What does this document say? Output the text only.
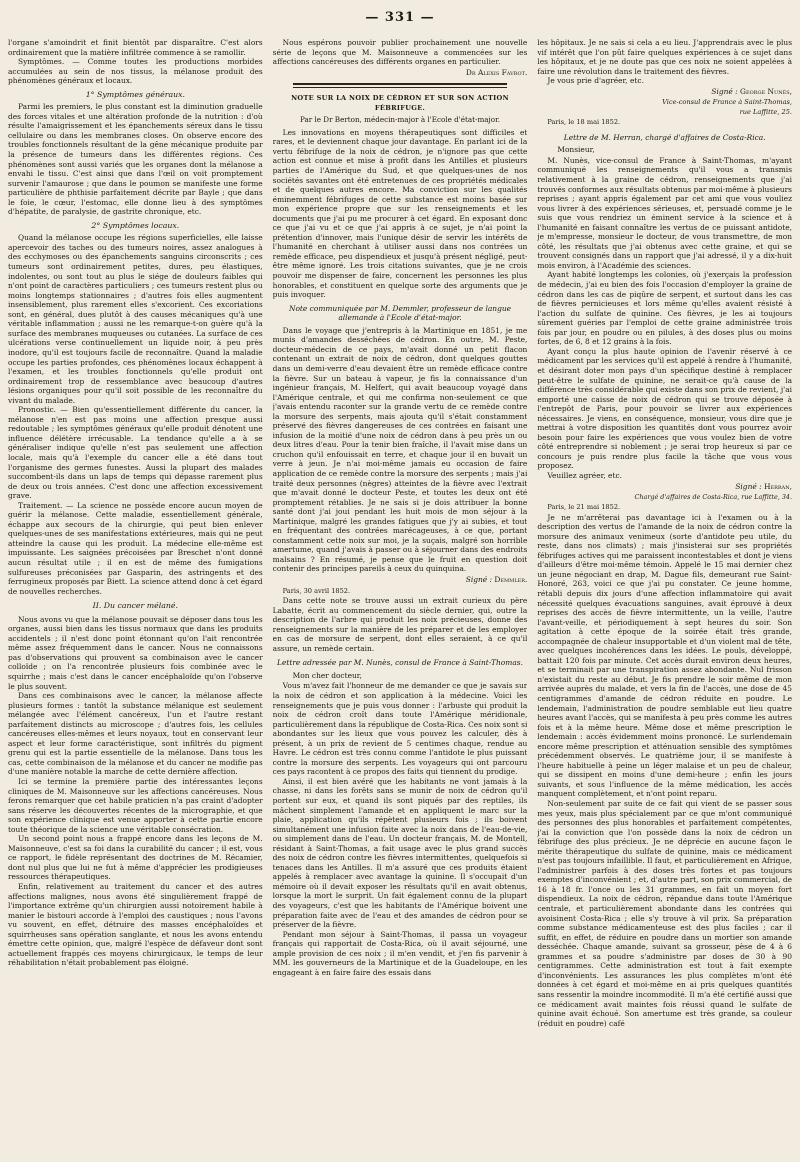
— 331 —

l'organe s'amoindrit et finit bientôt par disparaître. C'est alors ordinairement que la matière infiltrée commence à se ramollir.

Symptômes. — Comme toutes les productions morbides accumulées au sein de nos tissus, la mélanose produit des phénomènes généraux et locaux.

1° Symptômes généraux.

Parmi les premiers, le plus constant est la diminution graduelle des forces vitales et une altération profonde de la nutrition : d'où résulte l'amaigrissement et les épanchements séreux dans le tissu cellulaire ou dans les membranes closes. On observe encore des troubles fonctionnels résultant de la gêne mécanique produite par la présence de tumeurs dans les différentes régions. Ces phénomènes sont aussi variés que les organes dont la mélanose a envahi le tissu. C'est ainsi que dans l'œil on voit promptement survenir l'amaurose ; que dans le poumon se manifeste une forme particulière de phthisie parfaitement décrite par Bayle ; que dans le foie, le cœur, l'estomac, elle donne lieu à des symptômes d'hépatite, de paralysie, de gastrite chronique, etc.

2° Symptômes locaux.

Quand la mélanose occupe les régions superficielles, elle laisse apercevoir des taches ou des tumeurs noires, assez analogues à des ecchymoses ou des épanchements sanguins circonscrits ; ces tumeurs sont ordinairement petites, dures, peu élastiques, indolentes, ou sont tout au plus le siége de douleurs faibles qui n'ont point de caractères particuliers ; ces tumeurs restent plus ou moins longtemps stationnaires ; d'autres fois elles augmentent insensiblement, plus rarement elles s'excorient. Ces excoriations sont, en général, dues plutôt à des causes mécaniques qu'à une véritable inflammation ; aussi ne les remarque-t-on guère qu'à la surface des membranes muqueuses ou cutanées. La surface de ces ulcérations verse continuellement un liquide noir, à peu près inodore, qu'il est toujours facile de reconnaître. Quand la maladie occupe les parties profondes, ces phénomènes locaux échappent à l'examen, et les troubles fonctionnels qu'elle produit ont ordinairement trop de ressemblance avec beaucoup d'autres lésions organiques pour qu'il soit possible de les reconnaître du vivant du malade.

Pronostic. — Bien qu'essentiellement différente du cancer, la mélanose n'en est pas moins une affection presque aussi redoutable ; les symptômes généraux qu'elle produit dénotent une influence délétère irrécusable. La tendance qu'elle a à se généraliser indique qu'elle n'est pas seulement une affection locale, mais qu'à l'exemple du cancer elle a été dans tout l'organisme des germes funestes. Aussi la plupart des malades succombent-ils dans un laps de temps qui dépasse rarement plus de deux ou trois années. C'est donc une affection excessivement grave.

Traitement. — La science ne possède encore aucun moyen de guérir la mélanose. Cette maladie, essentiellement générale, échappe aux secours de la chirurgie, qui peut bien enlever quelques-unes de ses manifestations extérieures, mais qui ne peut atteindre la cause qui les produit. La médecine elle-même est impuissante. Les saignées précoisées par Breschet n'ont donné aucun résultat utile ; il en est de même des fumigations sulfureuses préconisées par Gasparin, des astringents et des ferrugineux proposés par Biett. La science attend donc à cet égard de nouvelles recherches.

II. Du cancer mélané.

Nous avons vu que la mélanose pouvait se déposer dans tous les organes, aussi bien dans les tissus normaux que dans les produits accidentels ; il n'est donc point étonnant qu'on l'ait rencontrée même assez fréquemment dans le cancer. Nous ne connaissons pas d'observations qui prouvent sa combinaison avec le cancer colloïde ; on l'a rencontrée plusieurs fois combinée avec le squirrhe ; mais c'est dans le cancer encéphaloïde qu'on l'observe le plus souvent.

Dans ces combinaisons avec le cancer, la mélanose affecte plusieurs formes : tantôt la substance mélanique est seulement mélangée avec l'élément cancéreux, l'un et l'autre restant parfaitement distincts au microscope ; d'autres fois, les cellules cancéreuses elles-mêmes et leurs noyaux, tout en conservant leur aspect et leur forme caractéristique, sont infiltrés du pigment grenu qui est la partie essentielle de la mélanose. Dans tous les cas, cette combinaison de la mélanose et du cancer ne modifie pas d'une manière notable la marche de cette dernière affection.

Ici se termine la première partie des intéressantes leçons cliniques de M. Maisonneuve sur les affections cancéreuses. Nous ferons remarquer que cet habile praticien n'a pas craint d'adopter sans réserve les découvertes récentes de la micrographie, et que son expérience clinique est venue apporter à cette partie encore toute théorique de la science une véritable consécration.

Un second point nous a frappé encore dans les leçons de M. Maisonneuve, c'est sa foi dans la curabilité du cancer ; il est, vous ce rapport, le fidèle représentant des doctrines de M. Récamier, dont nul plus que lui ne fut à même d'apprécier les prodigieuses ressources thérapeutiques.

Enfin, relativement au traitement du cancer et des autres affections malignes, nous avons été singulièrement frappé de l'importance extrême qu'un chirurgien aussi notoirement habile à manier le bistouri accorde à l'emploi des caustiques ; nous l'avons vu souvent, en effet, détruire des masses encéphaloïdes et squirrheuses sans opération sanglante, et nous les avons entendu émettre cette opinion, que, malgré l'espèce de défaveur dont sont actuellement frappés ces moyens chirurgicaux, le temps de leur réhabilitation n'était probablement pas éloigné.

Nous espérons pouvoir publier prochainement une nouvelle série de leçons que M. Maisonneuve a commencées sur les affections cancéreuses des différents organes en particulier.

Dr Alexis Favrot.
NOTE SUR LA NOIX DE CÉDRON ET SUR SON ACTION FÉBRIFUGE.
Par le Dr Berton, médecin-major à l'Ecole d'état-major.

Les innovations en moyens thérapeutiques sont difficiles et rares, et le deviennent chaque jour davantage. En parlant ici de la vertu fébrifuge de la noix de cédron, je n'ignore pas que cette action est connue et mise à profit dans les Antilles et plusieurs parties de l'Amérique du Sud, et que quelques-unes de nos sociétés savantes ont été entretenues de ces propriétés médicales et de quelques autres encore. Ma conviction sur les qualités éminemment fébrifuges de cette substance est moins basée sur mon expérience propre que sur les renseignements et les documents que j'ai pu me procurer à cet égard. En exposant donc ce que j'ai vu et ce que j'ai appris à ce sujet, je n'ai point la prétention d'innover, mais l'unique désir de servir les intérêts de l'humanité en cherchant à utiliser aussi dans nos contrées un remède efficace, peu dispendieux et jusqu'à présent négligé, peut-être même ignoré. Les trois citations suivantes, que je ne crois pouvoir me dispenser de faire, concernent les personnes les plus honorables, et constituent en quelque sorte des arguments que je puis invoquer.

Note communiquée par M. Demmler, professeur de langue allemande à l'Ecole d'état-major.

Dans le voyage que j'entrepris à la Martinique en 1851, je me munis d'amandes desséchées de cédron. En outre, M. Peste, docteur-médecin de ce pays, m'avait donné un petit flacon contenant un extrait de noix de cédron, dont quelques gouttes dans un demi-verre d'eau devaient être un remède efficace contre la fièvre. Sur un bateau à vapeur, je fis la connaissance d'un ingénieur français, M. Helfert, qui avait beaucoup voyagé dans l'Amérique centrale, et qui me confirma non-seulement ce que j'avais entendu raconter sur la grande vertu de ce remède contre la morsure des serpents, mais ajouta qu'il s'était constamment préservé des fièvres dangereuses de ces contrées en faisant une infusion de la moitié d'une noix de cédron dans à peu près un ou deux litres d'eau. Pour la tenir bien fraîche, il l'avait mise dans un cruchon qu'il enfouissait en terre, et chaque jour il en buvait un verre à jeun. Je n'ai moi-même jamais eu occasion de faire application de ce remède contre la morsure des serpents ; mais j'ai traité deux personnes (nègres) atteintes de la fièvre avec l'extrait que m'avait donné le docteur Peste, et toutes les deux ont été promptement rétablies. Je ne sais si je dois attribuer la bonne santé dont j'ai joui pendant les huit mois de mon séjour à la Martinique, malgré les grandes fatigues que j'y ai subies, et tout en fréquentant des contrées marécageuses, à ce que, portant constamment cette noix sur moi, je la suçais, malgré son horrible amertume, quand j'avais à passer ou à séjourner dans des endroits malsains ? En résumé, je pense que le fruit en question doit contenir des principes pareils à ceux du quinquina.

Signé : Demmler.

Paris, 30 avril 1852.

Dans cette note se trouve aussi un extrait curieux du père Labatte, écrit au commencement du siècle dernier, qui, outre la description de l'arbre qui produit les noix précieuses, donne des renseignements sur la manière de les préparer et de les employer en cas de morsure de serpent, dont elles seraient, à ce qu'il assure, un remède certain.

Lettre adressée par M. Nunès, consul de France à Saint-Thomas.

Mon cher docteur,

Vous m'avez fait l'honneur de me demander ce que je savais sur la noix de cédron et son application à la médecine. Voici les renseignements que je puis vous donner : l'arbuste qui produit la noix de cédron croît dans toute l'Amérique méridionale, particulièrement dans la république de Costa-Rica. Ces noix sont si abondantes sur les lieux que vous pouvez les calculer, dès à présent, à un prix de revient de 5 centimes chaque, rendue au Havre. Le cédron est très connu comme l'antidote le plus puissant contre la morsure des serpents. Les voyageurs qui ont parcouru ces pays racontent à ce propos des faits qui tiennent du prodige.

Ainsi, il est bien avéré que les habitants ne vont jamais à la chasse, ni dans les forêts sans se munir de noix de cédron qu'il portent sur eux, et quand ils sont piqués par des reptiles, ils mâchent simplement l'amande et en appliquent le marc sur la plaie, application qu'ils répètent plusieurs fois ; ils boivent simultanément une infusion faite avec la noix dans de l'eau-de-vie, ou simplement dans de l'eau. Un docteur français, M. de Montell, résidant à Saint-Thomas, a fait usage avec le plus grand succès des noix de cédron contre les fièvres intermittentes, quelquefois si tenaces dans les Antilles. Il m'a assuré que ces produits étaient appelés à remplacer avec avantage la quinine. Il s'occupait d'un mémoire où il devait exposer les résultats qu'il en avait obtenus, lorsque la mort le surprit. Un fait également connu de la plupart des voyageurs, c'est que les habitants de l'Amérique boivent une préparation faite avec de l'eau et des amandes de cédron pour se préserver de la fièvre.

Pendant mon séjour à Saint-Thomas, il passa un voyageur français qui rapportait de Costa-Rica, où il avait séjourné, une ample provision de ces noix ; il m'en vendit, et j'en fis parvenir à MM. les gouverneurs de la Martinique et de la Guadeloupe, en les engageant à en faire faire des essais dans

les hôpitaux. Je ne sais si cela a eu lieu. J'apprendrais avec le plus vif intérêt que l'on pût faire quelques expériences à ce sujet dans les hôpitaux, et je ne doute pas que ces noix ne soient appelées à faire une révolution dans le traitement des fièvres.

Je vous prie d'agréer, etc.

Signé : George Nunès,
Vice-consul de France à Saint-Thomas,
rue Laffitte, 25.

Paris, le 18 mai 1852.

Lettre de M. Herran, chargé d'affaires de Costa-Rica.

Monsieur,

M. Nunès, vice-consul de France à Saint-Thomas, m'ayant communiqué les renseignements qu'il vous a transmis relativement à la graine de cédron, renseignements que j'ai trouvés conformes aux résultats obtenus par moi-même à plusieurs reprises ; ayant appris également par cet ami que vous vouliez vous livrer à des expériences sérieuses, et, persuadé comme je le suis que vous rendriez un éminent service à la science et à l'humanité en faisant connaître les vertus de ce puissant antidote, je m'empresse, monsieur le docteur, de vous transmettre, de mon côté, les résultats que j'ai obtenus avec cette graine, et qui se trouvent consignés dans un rapport que j'ai adressé, il y a dix-huit mois environ, à l'Académie des sciences.

Ayant habité longtemps les colonies, où j'exerçais la profession de médecin, j'ai eu bien des fois l'occasion d'employer la graine de cédron dans les cas de piqûre de serpent, et surtout dans les cas de fièvres pernicieuses et lors même qu'elles avaient résisté à l'action du sulfate de quinine. Ces fièvres, je les ai toujours sûrement guéries par l'emploi de cette graine administrée trois fois par jour, en poudre ou en pilules, à des doses plus ou moins fortes, de 6, 8 et 12 grains à la fois.

Ayant conçu la plus haute opinion de l'avenir réservé à ce médicament par les services qu'il est appelé à rendre à l'humanité, et désirant doter mon pays d'un spécifique destiné à remplacer peut-être le sulfate de quinine, ne serait-ce qu'à cause de la différence très considérable qui existe dans son prix de revient, j'ai emporté une caisse de noix de cédron qui se trouve déposée à l'entrepôt de Paris, pour pouvoir se livrer aux expériences nécessaires. Je viens, en conséquence, monsieur, vous dire que je mettrai à votre disposition les quantités dont vous pourrez avoir besoin pour faire les expériences que vous voulez bien de votre côté entreprendre si noblement ; je serai trop heureux si par ce concours je puis rendre plus facile la tâche que vous vous proposez.

Veuillez agréer, etc.

Signé : Herran,
Chargé d'affaires de Costa-Rica, rue Laffitte, 34.

Paris, le 21 mai 1852.

Je ne m'arrêterai pas davantage ici à l'examen ou à la description des vertus de l'amande de la noix de cédron contre la morsure des animaux venimeux (sorte d'antidote peu utile, du reste, dans nos climats) ; mais j'insisterai sur ses propriétés fébrifuges actives qui me paraissent incontestables et dont je viens d'ailleurs d'être moi-même témoin. Appelé le 15 mai dernier chez un jeune négociant en drap, M. Dague fils, demeurant rue Saint-Honoré, 263, voici ce que j'ai pu constater. Ce jeune homme, rétabli depuis dix jours d'une affection inflammatoire qui avait nécessité quelques évacuations sanguines, avait éprouvé à deux reprises des accès de fièvre intermittente, un la veille, l'autre l'avant-veille, et périodiquement à sept heures du soir. Son agitation à cette époque de la soirée était très grande, accompagnée de chaleur insupportable et d'un violent mal de tête, avec quelques incohérences dans les idées. Le pouls, développé, battait 120 fois par minute. Cet accès durait environ deux heures, et se terminait par une transpiration assez abondante. Nul frisson n'existait du reste au début. Je fis prendre le soir même de mon arrivée auprès du malade, et vers la fin de l'accès, une dose de 45 centigrammes d'amande de cédron réduite en poudre. Le lendemain, l'administration de poudre semblable eut lieu quatre heures avant l'accès, qui se manifesta à peu près comme les autres fois et à la même heure. Même dose et même prescription le lendemain : accès évidemment moins prononcé. Le surlendemain encore même prescription et atténuation sensible des symptômes précédemment observés. Le quatrième jour, il se manifeste à l'heure habituelle à peine un léger malaise et un peu de chaleur, qui se dissipent en moins d'une demi-heure ; enfin les jours suivants, et sous l'influence de la même médication, les accès manquent complètement, et n'ont point reparu.

Non-seulement par suite de ce fait qui vient de se passer sous mes yeux, mais plus spécialement par ce que m'ont communiqué des personnes des plus honorables et parfaitement compétentes, j'ai la conviction que l'on possède dans la noix de cédron un fébrifuge des plus précieux. Je ne déprécie en aucune façon le mérite thérapeutique du sulfate de quinine, mais ce médicament n'est pas toujours infaillible. Il faut, et particulièrement en Afrique, l'administrer parfois à des doses très fortes et pas toujours exemptes d'inconvénient ; et, d'autre part, son prix commercial, de 16 à 18 fr. l'once ou les 31 grammes, en fait un moyen fort dispendieux. La noix de cédron, répandue dans toute l'Amérique centrale, et particulièrement abondante dans les contrées qui avoisinent Costa-Rica ; elle s'y trouve à vil prix. Sa préparation comme substance médicamenteuse est des plus faciles ; car il suffit, en effet, de réduire en poudre dans un mortier son amande desséchée. Chaque amande, suivant sa grosseur, pèse de 4 à 6 grammes et sa poudre s'administre par doses de 30 à 90 centigrammes. Cette administration est tout à fait exempte d'inconvénients. Les assurances les plus complètes m'ont été données à cet égard et moi-même en ai pris quelques quantités sans ressentir la moindre incommodité. Il m'a été certifié aussi que ce médicament avait maintes fois réussi quand le sulfate de quinine avait échoué. Son amertume est très grande, sa couleur (réduit en poudre) café
